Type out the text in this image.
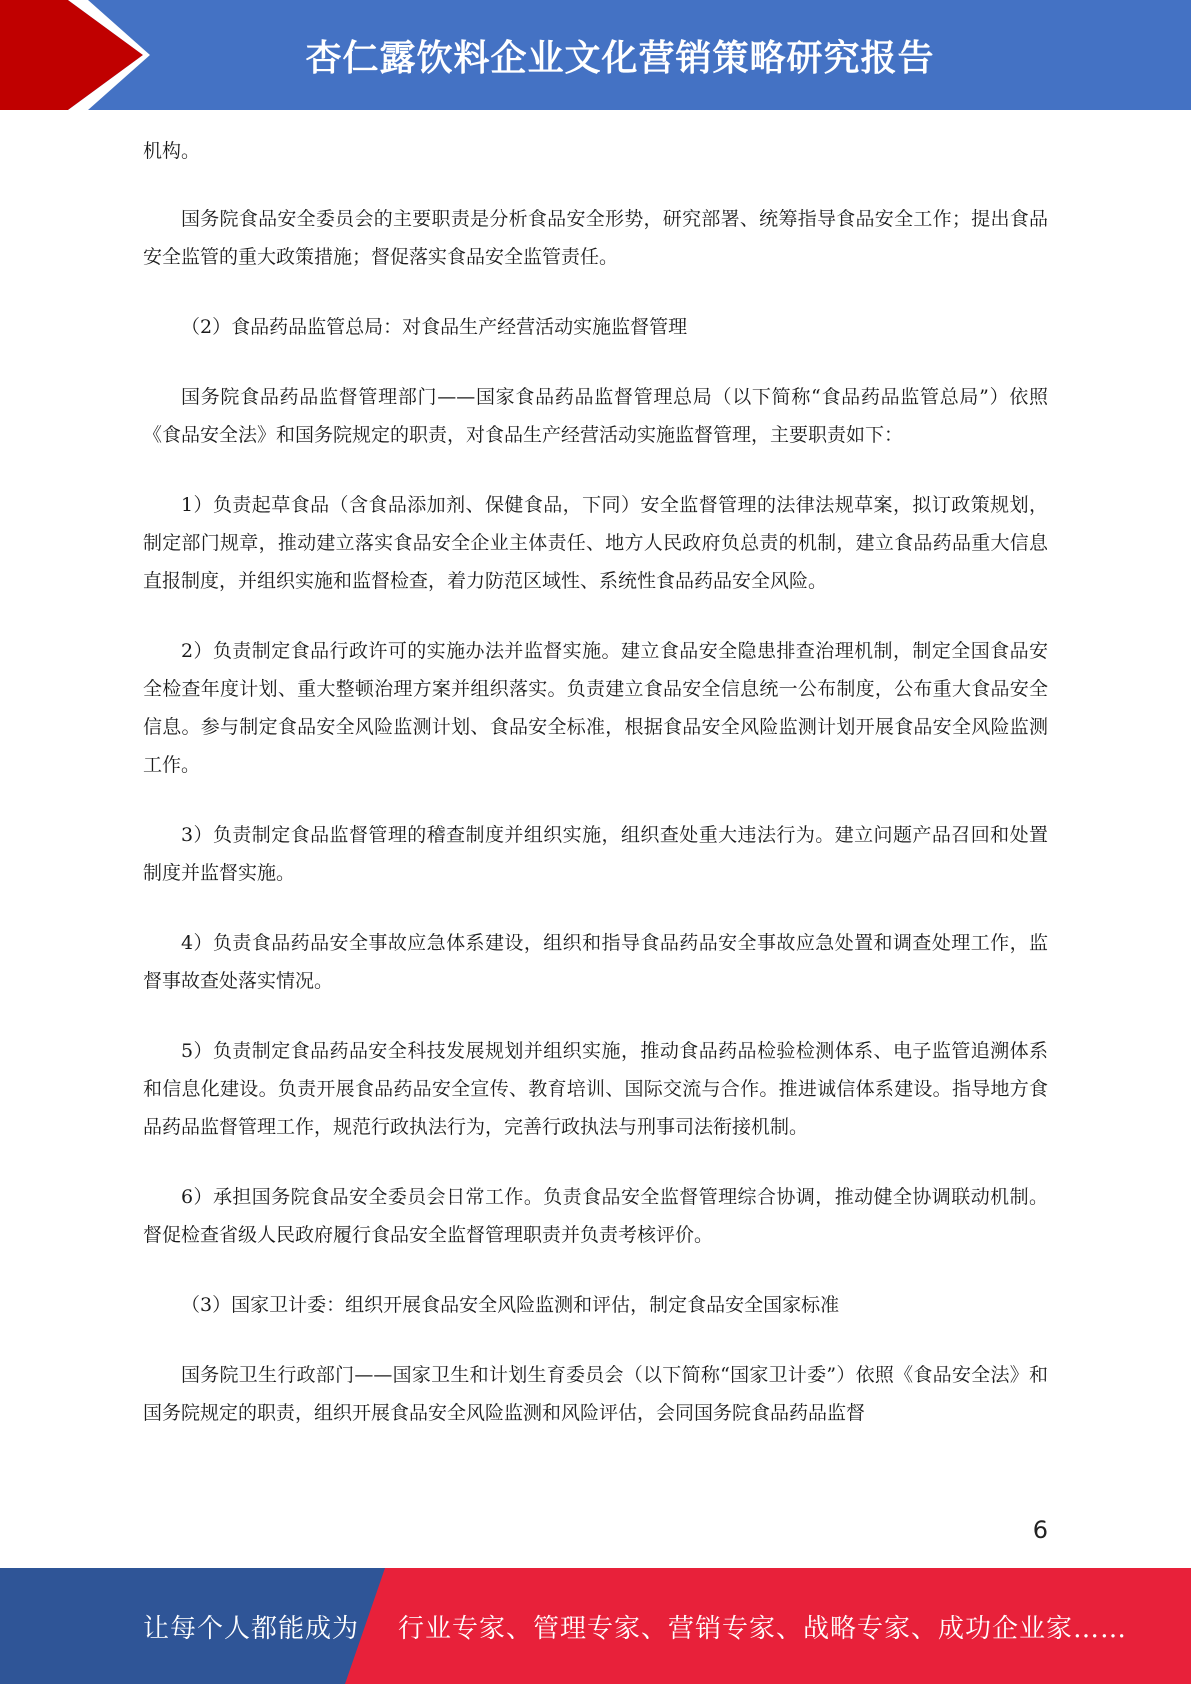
杏仁露饮料企业文化营销策略研究报告

机构。

国务院食品安全委员会的主要职责是分析食品安全形势，研究部署、统筹指导食品安全工作；提出食品安全监管的重大政策措施；督促落实食品安全监管责任。

（2）食品药品监管总局：对食品生产经营活动实施监督管理

国务院食品药品监督管理部门——国家食品药品监督管理总局（以下简称“食品药品监管总局”）依照《食品安全法》和国务院规定的职责，对食品生产经营活动实施监督管理，主要职责如下：

1）负责起草食品（含食品添加剂、保健食品，下同）安全监督管理的法律法规草案，拟订政策规划，制定部门规章，推动建立落实食品安全企业主体责任、地方人民政府负总责的机制，建立食品药品重大信息直报制度，并组织实施和监督检查，着力防范区域性、系统性食品药品安全风险。

2）负责制定食品行政许可的实施办法并监督实施。建立食品安全隐患排查治理机制，制定全国食品安全检查年度计划、重大整顿治理方案并组织落实。负责建立食品安全信息统一公布制度，公布重大食品安全信息。参与制定食品安全风险监测计划、食品安全标准，根据食品安全风险监测计划开展食品安全风险监测工作。

3）负责制定食品监督管理的稽查制度并组织实施，组织查处重大违法行为。建立问题产品召回和处置制度并监督实施。

4）负责食品药品安全事故应急体系建设，组织和指导食品药品安全事故应急处置和调查处理工作，监督事故查处落实情况。

5）负责制定食品药品安全科技发展规划并组织实施，推动食品药品检验检测体系、电子监管追溯体系和信息化建设。负责开展食品药品安全宣传、教育培训、国际交流与合作。推进诚信体系建设。指导地方食品药品监督管理工作，规范行政执法行为，完善行政执法与刑事司法衔接机制。

6）承担国务院食品安全委员会日常工作。负责食品安全监督管理综合协调，推动健全协调联动机制。督促检查省级人民政府履行食品安全监督管理职责并负责考核评价。

（3）国家卫计委：组织开展食品安全风险监测和评估，制定食品安全国家标准

国务院卫生行政部门——国家卫生和计划生育委员会（以下简称“国家卫计委”）依照《食品安全法》和国务院规定的职责，组织开展食品安全风险监测和风险评估，会同国务院食品药品监督

6
让每个人都能成为 行业专家、管理专家、营销专家、战略专家、成功企业家……
